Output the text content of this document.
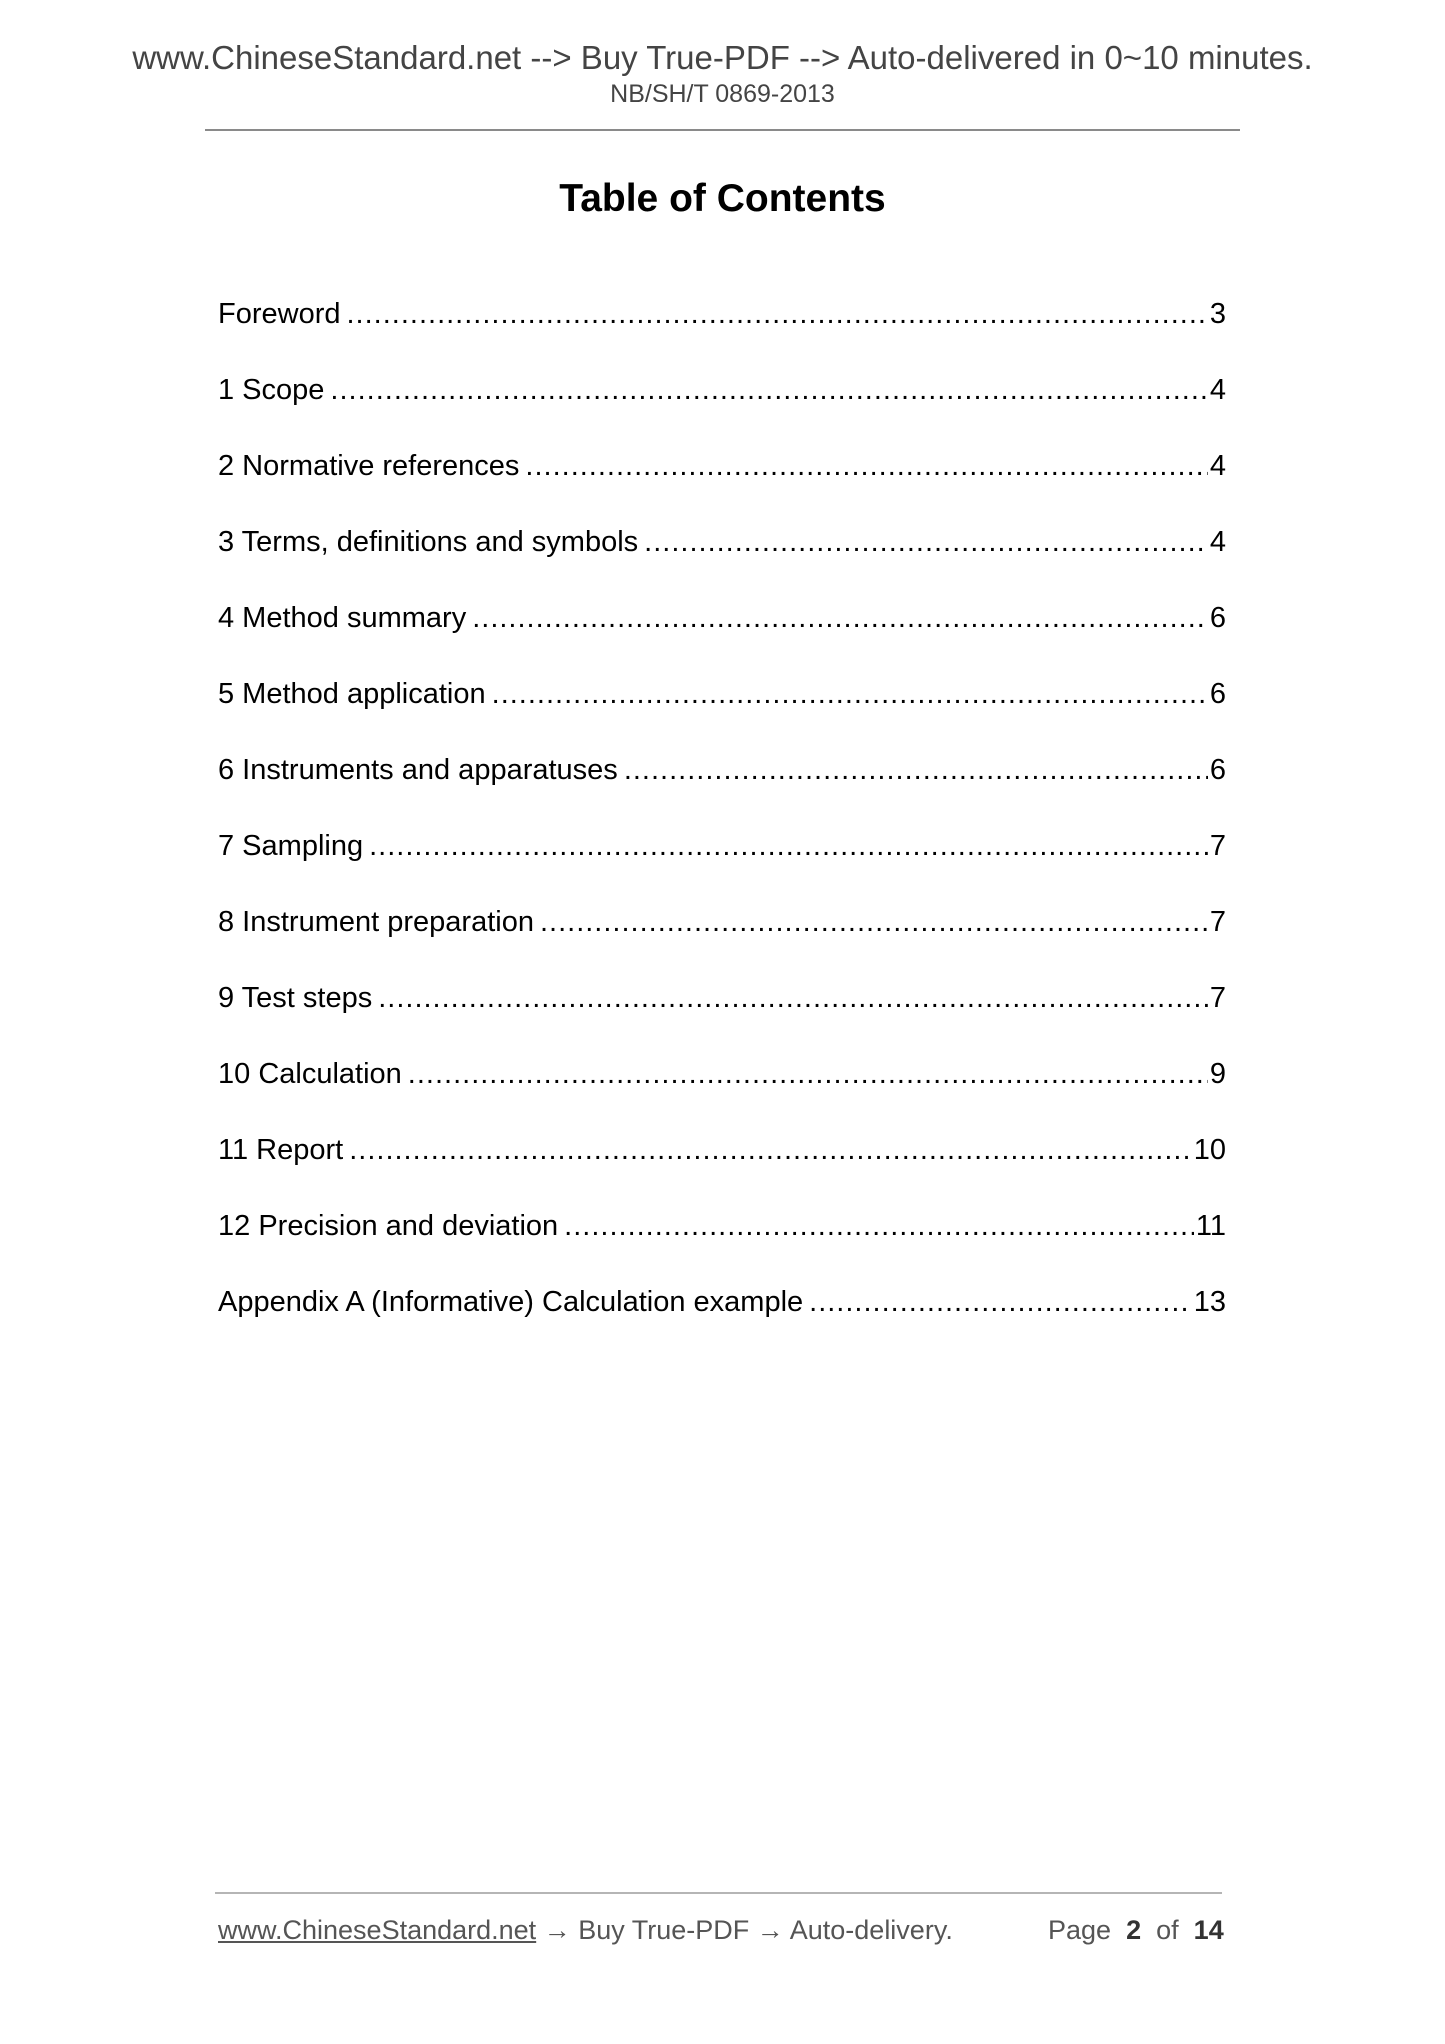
www.ChineseStandard.net --> Buy True-PDF --> Auto-delivered in 0~10 minutes.
NB/SH/T 0869-2013
Table of Contents
Foreword .....	3
1 Scope .....	4
2 Normative references .....	4
3 Terms, definitions and symbols .....	4
4 Method summary .....	6
5 Method application .....	6
6 Instruments and apparatuses .....	6
7 Sampling .....	7
8 Instrument preparation .....	7
9 Test steps .....	7
10 Calculation .....	9
11 Report .....	10
12 Precision and deviation .....	11
Appendix A (Informative) Calculation example .....	13
www.ChineseStandard.net → Buy True-PDF → Auto-delivery.	Page 2 of 14
